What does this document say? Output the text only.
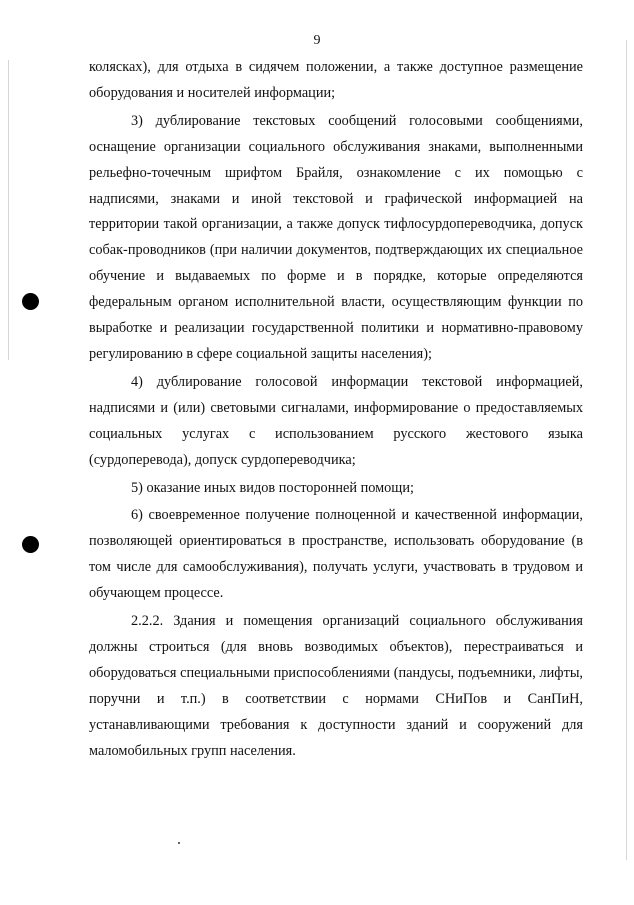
9

колясках), для отдыха в сидячем положении, а также доступное размещение оборудования и носителей информации;

3) дублирование текстовых сообщений голосовыми сообщениями, оснащение организации социального обслуживания знаками, выполненными рельефно-точечным шрифтом Брайля, ознакомление с их помощью с надписями, знаками и иной текстовой и графической информацией на территории такой организации, а также допуск тифлосурдопереводчика, допуск собак-проводников (при наличии документов, подтверждающих их специальное обучение и выдаваемых по форме и в порядке, которые определяются федеральным органом исполнительной власти, осуществляющим функции по выработке и реализации государственной политики и нормативно-правовому регулированию в сфере социальной защиты населения);

4) дублирование голосовой информации текстовой информацией, надписями и (или) световыми сигналами, информирование о предоставляемых социальных услугах с использованием русского жестового языка (сурдоперевода), допуск сурдопереводчика;

5) оказание иных видов посторонней помощи;

6) своевременное получение полноценной и качественной информации, позволяющей ориентироваться в пространстве, использовать оборудование (в том числе для самообслуживания), получать услуги, участвовать в трудовом и обучающем процессе.

2.2.2. Здания и помещения организаций социального обслуживания должны строиться (для вновь возводимых объектов), перестраиваться и оборудоваться специальными приспособлениями (пандусы, подъемники, лифты, поручни и т.п.) в соответствии с нормами СНиПов и СанПиН, устанавливающими требования к доступности зданий и сооружений для маломобильных групп населения.
